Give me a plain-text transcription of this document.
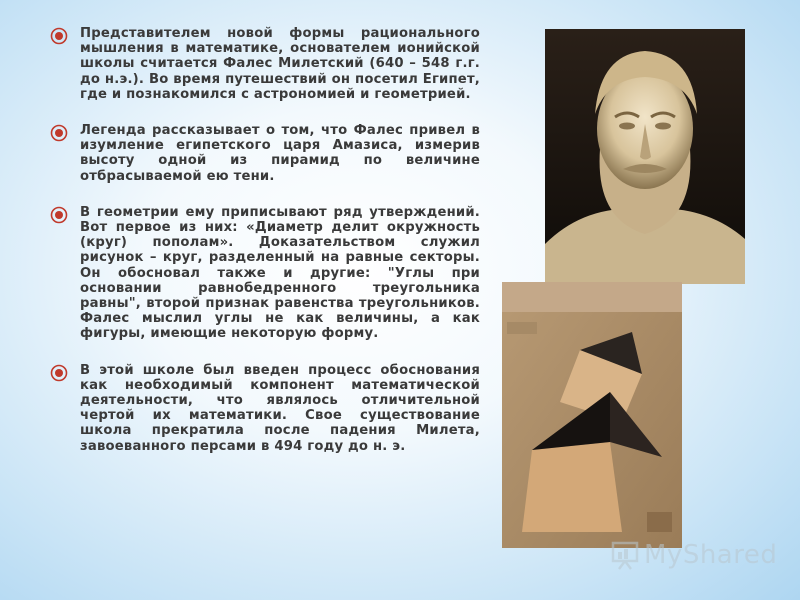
Представителем новой формы рационального мышления в математике, основателем ионийской школы считается Фалес Милетский (640 – 548 г.г. до н.э.). Во время путешествий он посетил Египет, где и познакомился с астрономией и геометрией.
Легенда рассказывает о том, что Фалес привел в изумление египетского царя Амазиса, измерив высоту одной из пирамид по величине отбрасываемой ею тени.
В геометрии ему приписывают ряд утверждений. Вот первое из них: «Диаметр делит окружность (круг) пополам». Доказательством служил рисунок – круг, разделенный на равные секторы. Он обосновал также и другие: "Углы при основании равнобедренного треугольника равны", второй признак равенства треугольников. Фалес мыслил углы не как величины, а как фигуры, имеющие некоторую форму.
В этой школе был введен процесс обоснования как необходимый компонент математической деятельности, что являлось отличительной чертой их математики. Свое существование школа прекратила после падения Милета, завоеванного персами в 494 году до н. э.
MyShared
